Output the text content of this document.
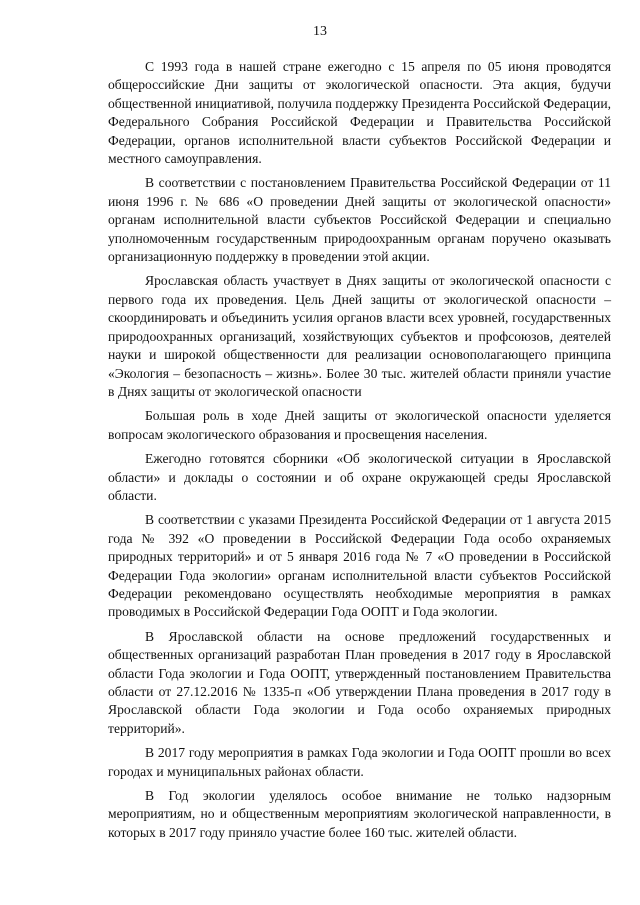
13

С 1993 года в нашей стране ежегодно с 15 апреля по 05 июня проводятся общероссийские Дни защиты от экологической опасности. Эта акция, будучи общественной инициативой, получила поддержку Президента Российской Федерации, Федерального Собрания Российской Федерации и Правительства Российской Федерации, органов исполнительной власти субъектов Российской Федерации и местного самоуправления.

В соответствии с постановлением Правительства Российской Федерации от 11 июня 1996 г. № 686 «О проведении Дней защиты от экологической опасности» органам исполнительной власти субъектов Российской Федерации и специально уполномоченным государственным природоохранным органам поручено оказывать организационную поддержку в проведении этой акции.

Ярославская область участвует в Днях защиты от экологической опасности с первого года их проведения. Цель Дней защиты от экологической опасности – скоординировать и объединить усилия органов власти всех уровней, государственных природоохранных организаций, хозяйствующих субъектов и профсоюзов, деятелей науки и широкой общественности для реализации основополагающего принципа «Экология – безопасность – жизнь». Более 30 тыс. жителей области приняли участие в Днях защиты от экологической опасности

Большая роль в ходе Дней защиты от экологической опасности уделяется вопросам экологического образования и просвещения населения.

Ежегодно готовятся сборники «Об экологической ситуации в Ярославской области» и доклады о состоянии и об охране окружающей среды Ярославской области.

В соответствии с указами Президента Российской Федерации от 1 августа 2015 года № 392 «О проведении в Российской Федерации Года особо охраняемых природных территорий» и от 5 января 2016 года № 7 «О проведении в Российской Федерации Года экологии» органам исполнительной власти субъектов Российской Федерации рекомендовано осуществлять необходимые мероприятия в рамках проводимых в Российской Федерации Года ООПТ и Года экологии.

В Ярославской области на основе предложений государственных и общественных организаций разработан План проведения в 2017 году в Ярославской области Года экологии и Года ООПТ, утвержденный постановлением Правительства области от 27.12.2016 № 1335-п «Об утверждении Плана проведения в 2017 году в Ярославской области Года экологии и Года особо охраняемых природных территорий».

В 2017 году мероприятия в рамках Года экологии и Года ООПТ прошли во всех городах и муниципальных районах области.

В Год экологии уделялось особое внимание не только надзорным мероприятиям, но и общественным мероприятиям экологической направленности, в которых в 2017 году приняло участие более 160 тыс. жителей области.
